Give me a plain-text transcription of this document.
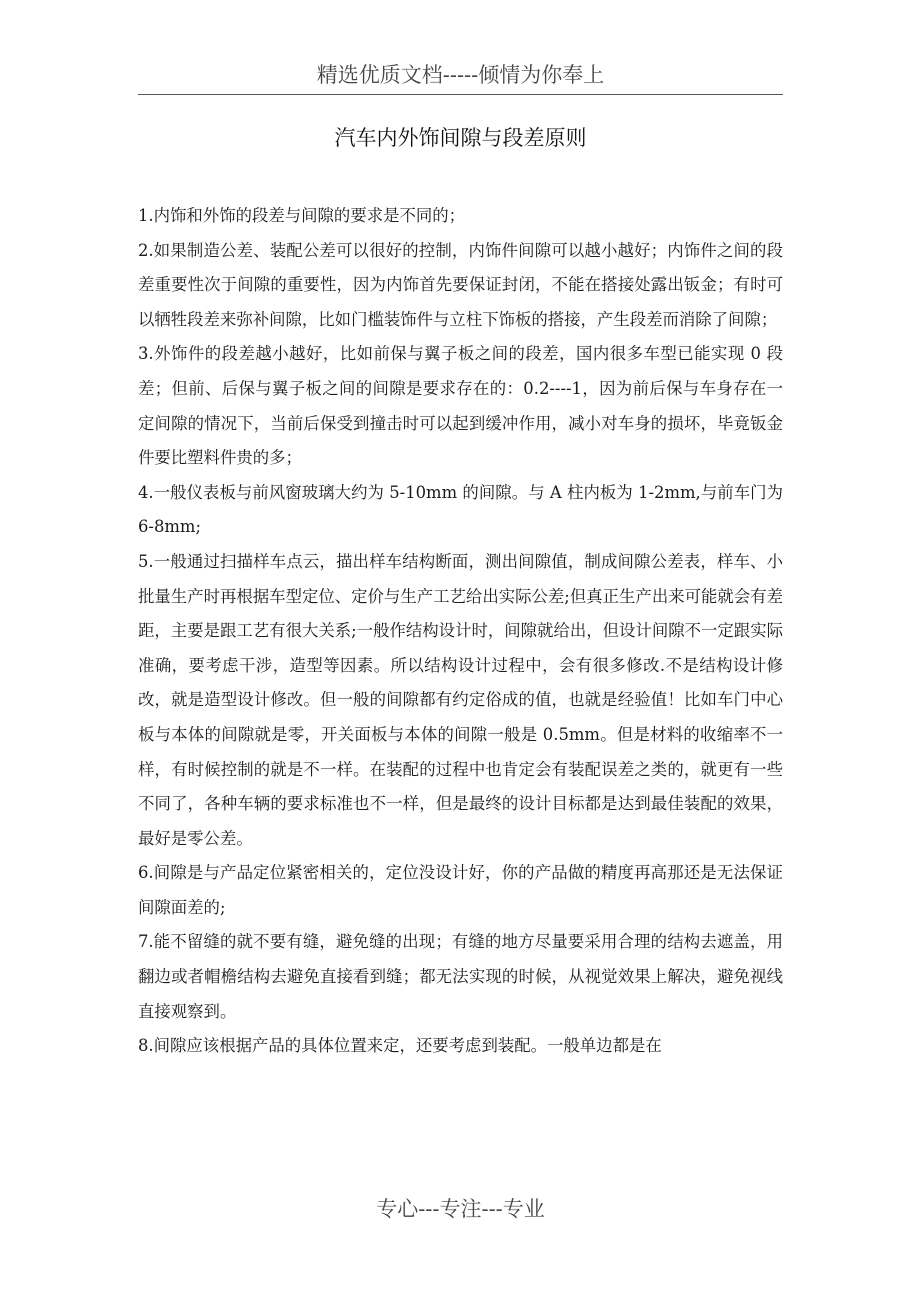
精选优质文档-----倾情为你奉上
汽车内外饰间隙与段差原则

1.内饰和外饰的段差与间隙的要求是不同的；

2.如果制造公差、装配公差可以很好的控制，内饰件间隙可以越小越好；内饰件之间的段差重要性次于间隙的重要性，因为内饰首先要保证封闭，不能在搭接处露出钣金；有时可以牺牲段差来弥补间隙，比如门槛装饰件与立柱下饰板的搭接，产生段差而消除了间隙；

3.外饰件的段差越小越好，比如前保与翼子板之间的段差，国内很多车型已能实现 0 段差；但前、后保与翼子板之间的间隙是要求存在的：0.2----1，因为前后保与车身存在一定间隙的情况下，当前后保受到撞击时可以起到缓冲作用，减小对车身的损坏，毕竟钣金件要比塑料件贵的多；

4.一般仪表板与前风窗玻璃大约为 5-10mm 的间隙。与 A 柱内板为 1-2mm,与前车门为 6-8mm;

5.一般通过扫描样车点云，描出样车结构断面，测出间隙值，制成间隙公差表，样车、小批量生产时再根据车型定位、定价与生产工艺给出实际公差;但真正生产出来可能就会有差距，主要是跟工艺有很大关系;一般作结构设计时，间隙就给出，但设计间隙不一定跟实际准确，要考虑干涉，造型等因素。所以结构设计过程中，会有很多修改.不是结构设计修改，就是造型设计修改。但一般的间隙都有约定俗成的值，也就是经验值！比如车门中心板与本体的间隙就是零，开关面板与本体的间隙一般是 0.5mm。但是材料的收缩率不一样，有时候控制的就是不一样。在装配的过程中也肯定会有装配误差之类的，就更有一些不同了，各种车辆的要求标准也不一样，但是最终的设计目标都是达到最佳装配的效果，最好是零公差。

6.间隙是与产品定位紧密相关的，定位没设计好，你的产品做的精度再高那还是无法保证间隙面差的;

7.能不留缝的就不要有缝，避免缝的出现；有缝的地方尽量要采用合理的结构去遮盖，用翻边或者帽檐结构去避免直接看到缝；都无法实现的时候，从视觉效果上解决，避免视线直接观察到。

8.间隙应该根据产品的具体位置来定，还要考虑到装配。一般单边都是在

专心---专注---专业
